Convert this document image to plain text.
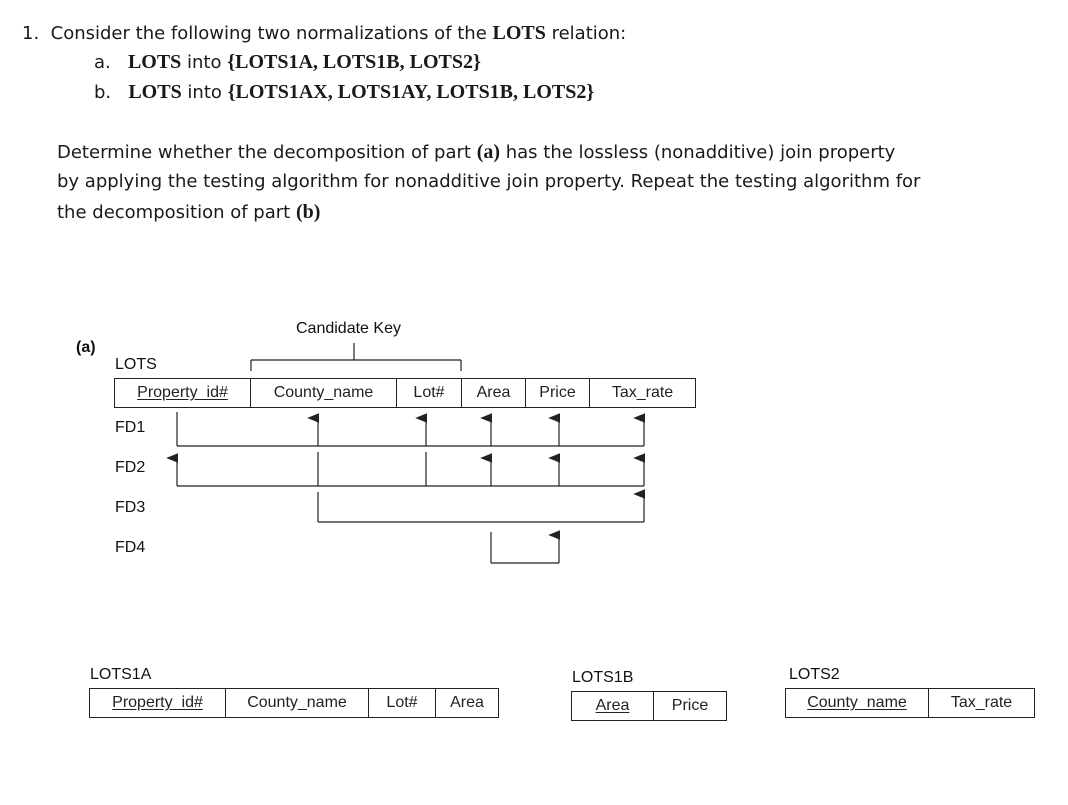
1. Consider the following two normalizations of the LOTS relation:
a. LOTS into {LOTS1A, LOTS1B, LOTS2}
b. LOTS into {LOTS1AX, LOTS1AY, LOTS1B, LOTS2}
Determine whether the decomposition of part (a) has the lossless (nonadditive) join property
by applying the testing algorithm for nonadditive join property. Repeat the testing algorithm for
the decomposition of part (b)
(a)
Candidate Key
LOTS
Property_id#	County_name	Lot#	Area	Price	Tax_rate
FD1
FD2
FD3
FD4
LOTS1A
Property_id#	County_name	Lot#	Area
LOTS1B
Area	Price
LOTS2
County_name	Tax_rate
